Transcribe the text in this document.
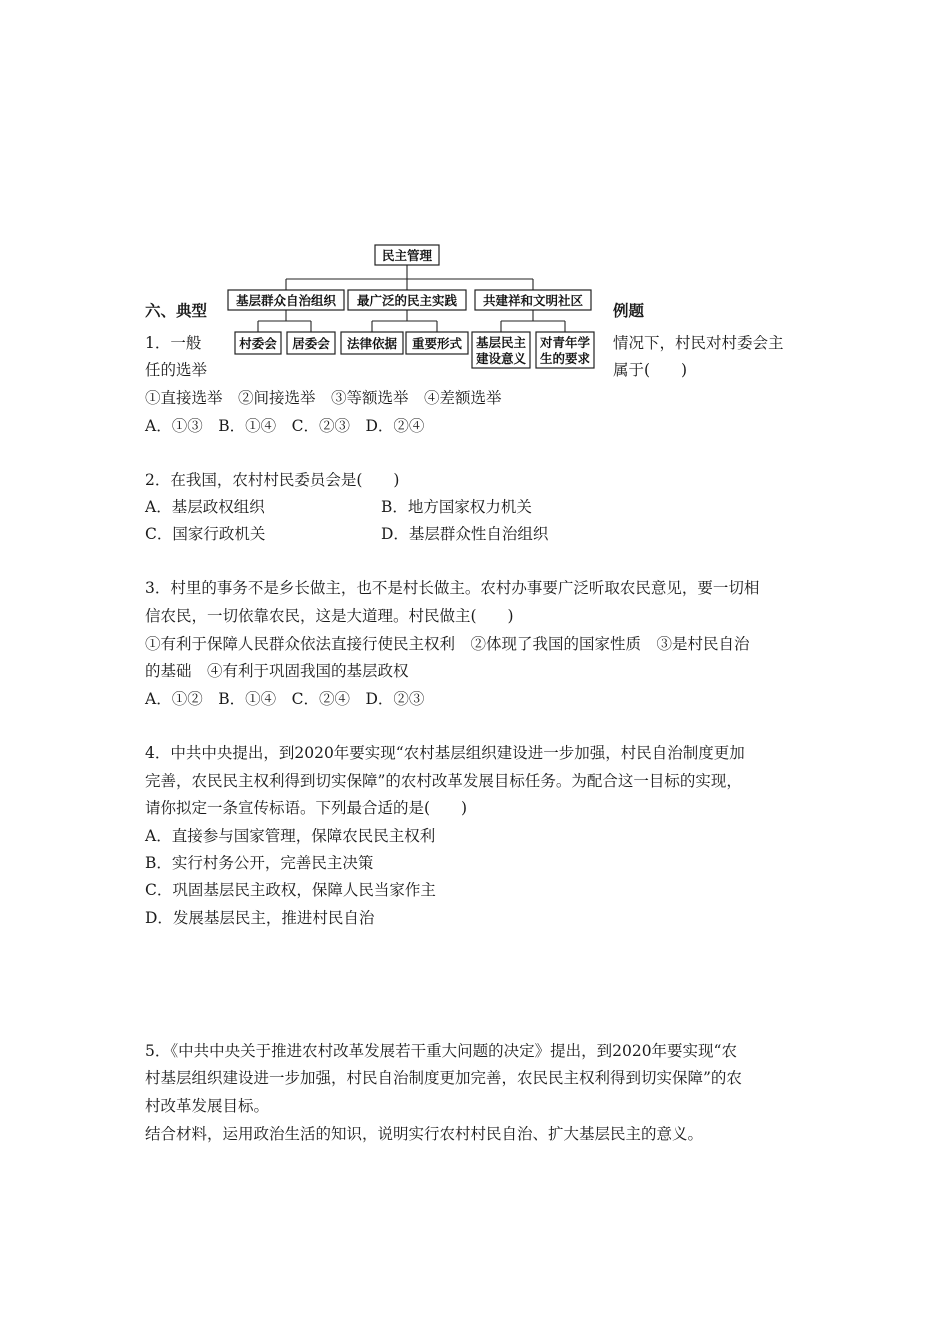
民主管理
基层群众自治组织 最广泛的民主实践 共建祥和文明社区
村委会 居委会 法律依据 重要形式 基层民主
建设意义
对青年学
生的要求
六、典型	例题
1．一般	情况下，村民对村委会主
任的选举	属于(　　)
①直接选举　②间接选举　③等额选举　④差额选举
A．①③　B．①④　C．②③　D．②④
2．在我国，农村村民委员会是(　　)
A．基层政权组织	B．地方国家权力机关
C．国家行政机关	D．基层群众性自治组织
3．村里的事务不是乡长做主，也不是村长做主。农村办事要广泛听取农民意见，要一切相
信农民，一切依靠农民，这是大道理。村民做主(　　)
①有利于保障人民群众依法直接行使民主权利　②体现了我国的国家性质　③是村民自治
的基础　④有利于巩固我国的基层政权
A．①②　B．①④　C．②④　D．②③
4．中共中央提出，到2020年要实现“农村基层组织建设进一步加强，村民自治制度更加
完善，农民民主权利得到切实保障”的农村改革发展目标任务。为配合这一目标的实现，
请你拟定一条宣传标语。下列最合适的是(　　)
A．直接参与国家管理，保障农民民主权利
B．实行村务公开，完善民主决策
C．巩固基层民主政权，保障人民当家作主
D．发展基层民主，推进村民自治
5．《中共中央关于推进农村改革发展若干重大问题的决定》提出，到2020年要实现“农
村基层组织建设进一步加强，村民自治制度更加完善，农民民主权利得到切实保障”的农
村改革发展目标。
结合材料，运用政治生活的知识，说明实行农村村民自治、扩大基层民主的意义。
